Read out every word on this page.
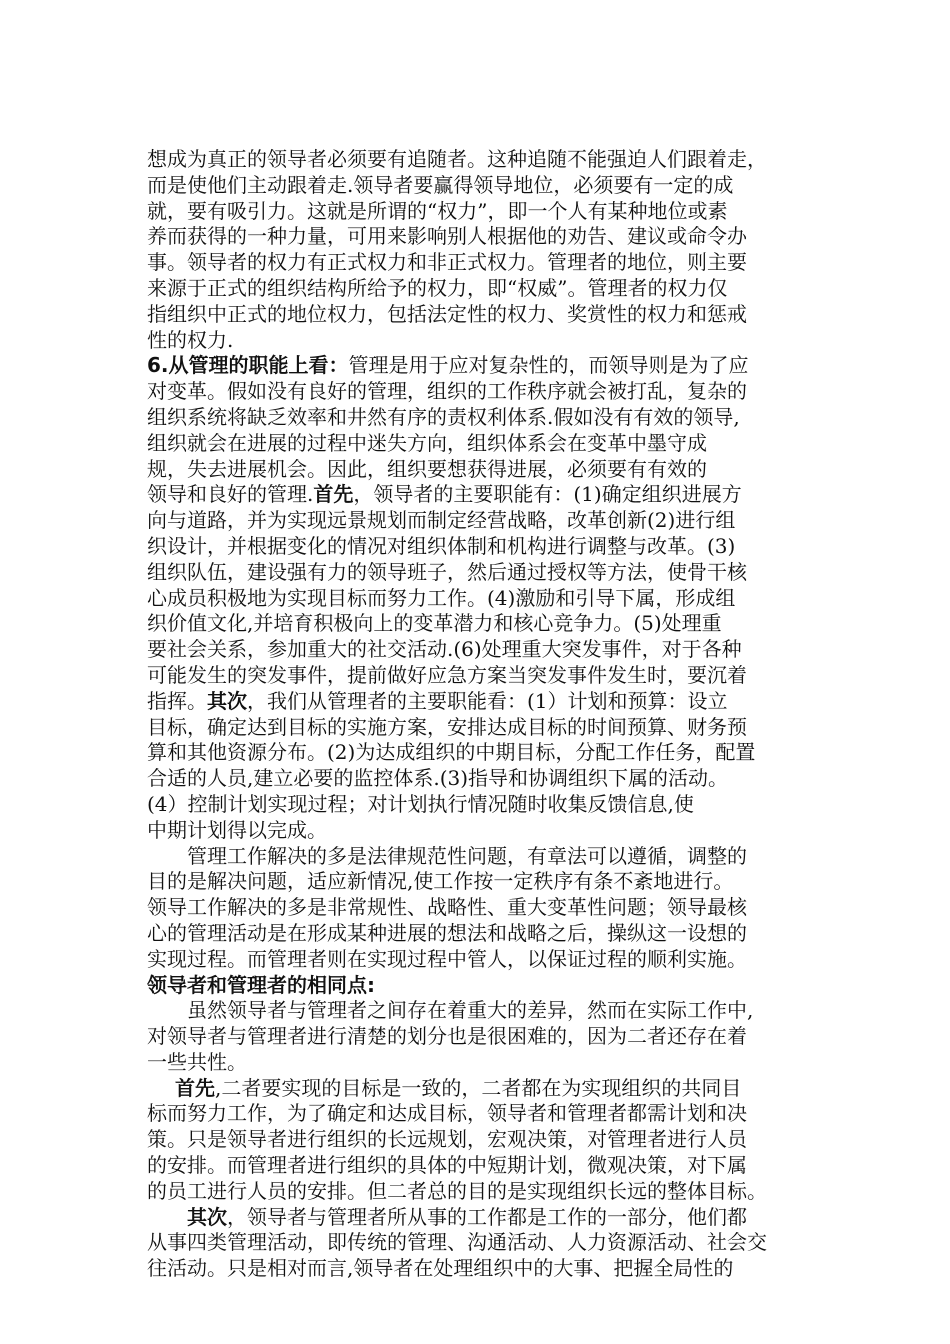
想成为真正的领导者必须要有追随者。这种追随不能强迫人们跟着走，
而是使他们主动跟着走.领导者要赢得领导地位，必须要有一定的成
就，要有吸引力。这就是所谓的“权力”，即一个人有某种地位或素
养而获得的一种力量，可用来影响别人根据他的劝告、建议或命令办
事。领导者的权力有正式权力和非正式权力。管理者的地位，则主要
来源于正式的组织结构所给予的权力，即“权威”。管理者的权力仅
指组织中正式的地位权力，包括法定性的权力、奖赏性的权力和惩戒
性的权力.
6.从管理的职能上看：管理是用于应对复杂性的，而领导则是为了应
对变革。假如没有良好的管理，组织的工作秩序就会被打乱，复杂的
组织系统将缺乏效率和井然有序的责权利体系.假如没有有效的领导,
组织就会在进展的过程中迷失方向，组织体系会在变革中墨守成
规，失去进展机会。因此，组织要想获得进展，必须要有有效的
领导和良好的管理.首先，领导者的主要职能有：(1)确定组织进展方
向与道路，并为实现远景规划而制定经营战略，改革创新(2)进行组
织设计，并根据变化的情况对组织体制和机构进行调整与改革。(3)
组织队伍，建设强有力的领导班子，然后通过授权等方法，使骨干核
心成员积极地为实现目标而努力工作。(4)激励和引导下属，形成组
织价值文化,并培育积极向上的变革潜力和核心竞争力。(5)处理重
要社会关系，参加重大的社交活动.(6)处理重大突发事件，对于各种
可能发生的突发事件，提前做好应急方案当突发事件发生时，要沉着
指挥。其次，我们从管理者的主要职能看：(1）计划和预算：设立
目标，确定达到目标的实施方案，安排达成目标的时间预算、财务预
算和其他资源分布。(2)为达成组织的中期目标，分配工作任务，配置
合适的人员,建立必要的监控体系.(3)指导和协调组织下属的活动。
(4）控制计划实现过程；对计划执行情况随时收集反馈信息,使
中期计划得以完成。
管理工作解决的多是法律规范性问题，有章法可以遵循，调整的
目的是解决问题，适应新情况,使工作按一定秩序有条不紊地进行。
领导工作解决的多是非常规性、战略性、重大变革性问题；领导最核
心的管理活动是在形成某种进展的想法和战略之后，操纵这一设想的
实现过程。而管理者则在实现过程中管人，以保证过程的顺利实施。
领导者和管理者的相同点:
虽然领导者与管理者之间存在着重大的差异，然而在实际工作中,
对领导者与管理者进行清楚的划分也是很困难的，因为二者还存在着
一些共性。
首先,二者要实现的目标是一致的，二者都在为实现组织的共同目
标而努力工作，为了确定和达成目标，领导者和管理者都需计划和决
策。只是领导者进行组织的长远规划，宏观决策，对管理者进行人员
的安排。而管理者进行组织的具体的中短期计划，微观决策，对下属
的员工进行人员的安排。但二者总的目的是实现组织长远的整体目标。
其次，领导者与管理者所从事的工作都是工作的一部分，他们都
从事四类管理活动，即传统的管理、沟通活动、人力资源活动、社会交
往活动。只是相对而言,领导者在处理组织中的大事、把握全局性的
